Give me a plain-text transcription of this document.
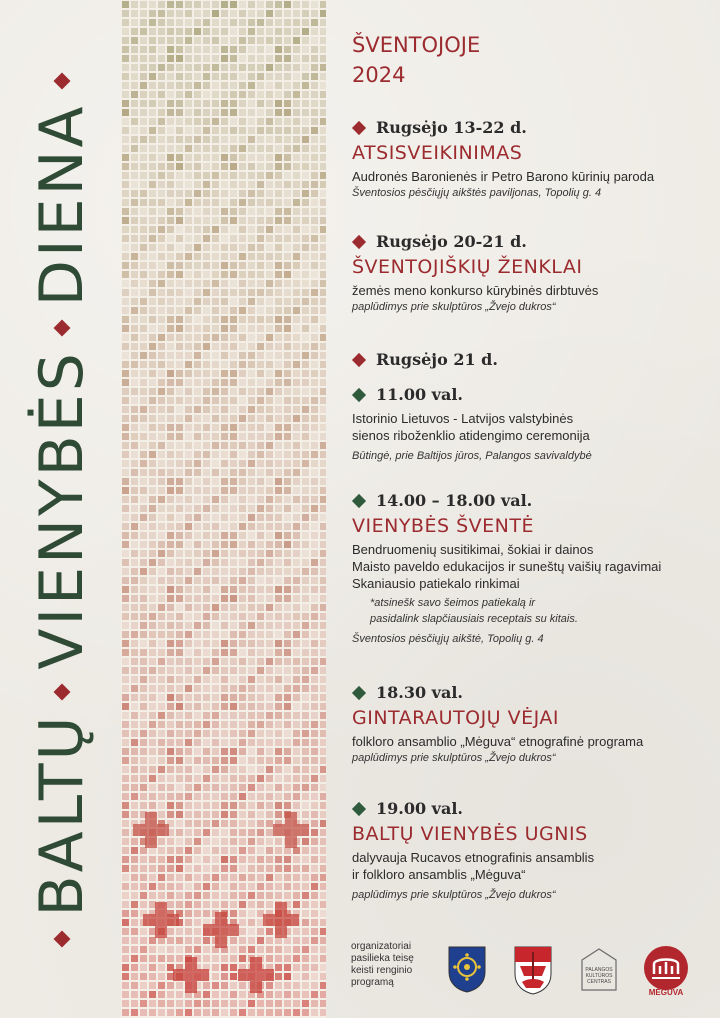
BALTŲ
VIENYBĖS
DIENA
ŠVENTOJOJE
2024
Rugsėjo 13-22 d.
ATSISVEIKINIMAS
Audronės Baronienės ir Petro Barono kūrinių paroda
Šventosios pėsčiųjų aikštės paviljonas, Topolių g. 4
Rugsėjo 20-21 d.
ŠVENTOJIŠKIŲ ŽENKLAI
žemės meno konkurso kūrybinės dirbtuvės
paplūdimys prie skulptūros „Žvejo dukros“
Rugsėjo 21 d.
11.00 val.
Istorinio Lietuvos - Latvijos valstybinės
sienos riboženklio atidengimo ceremonija
Būtingė, prie Baltijos jūros, Palangos savivaldybė
14.00 – 18.00 val.
VIENYBĖS ŠVENTĖ
Bendruomenių susitikimai, šokiai ir dainos
Maisto paveldo edukacijos ir suneštų vaišių ragavimai
Skaniausio patiekalo rinkimai
*atsinešk savo šeimos patiekalą ir
pasidalink slapčiausiais receptais su kitais.
Šventosios pėsčiųjų aikštė, Topolių g. 4
18.30 val.
GINTARAUTOJŲ VĖJAI
folkloro ansamblio „Mėguva“ etnografinė programa
paplūdimys prie skulptūros „Žvejo dukros“
19.00 val.
BALTŲ VIENYBĖS UGNIS
dalyvauja Rucavos etnografinis ansamblis
ir folkloro ansamblis „Mėguva“
paplūdimys prie skulptūros „Žvejo dukros“
organizatoriai
pasilieka teisę
keisti renginio
programą
PALANGOS
KULTŪROS
CENTRAS
MĖGUVA
